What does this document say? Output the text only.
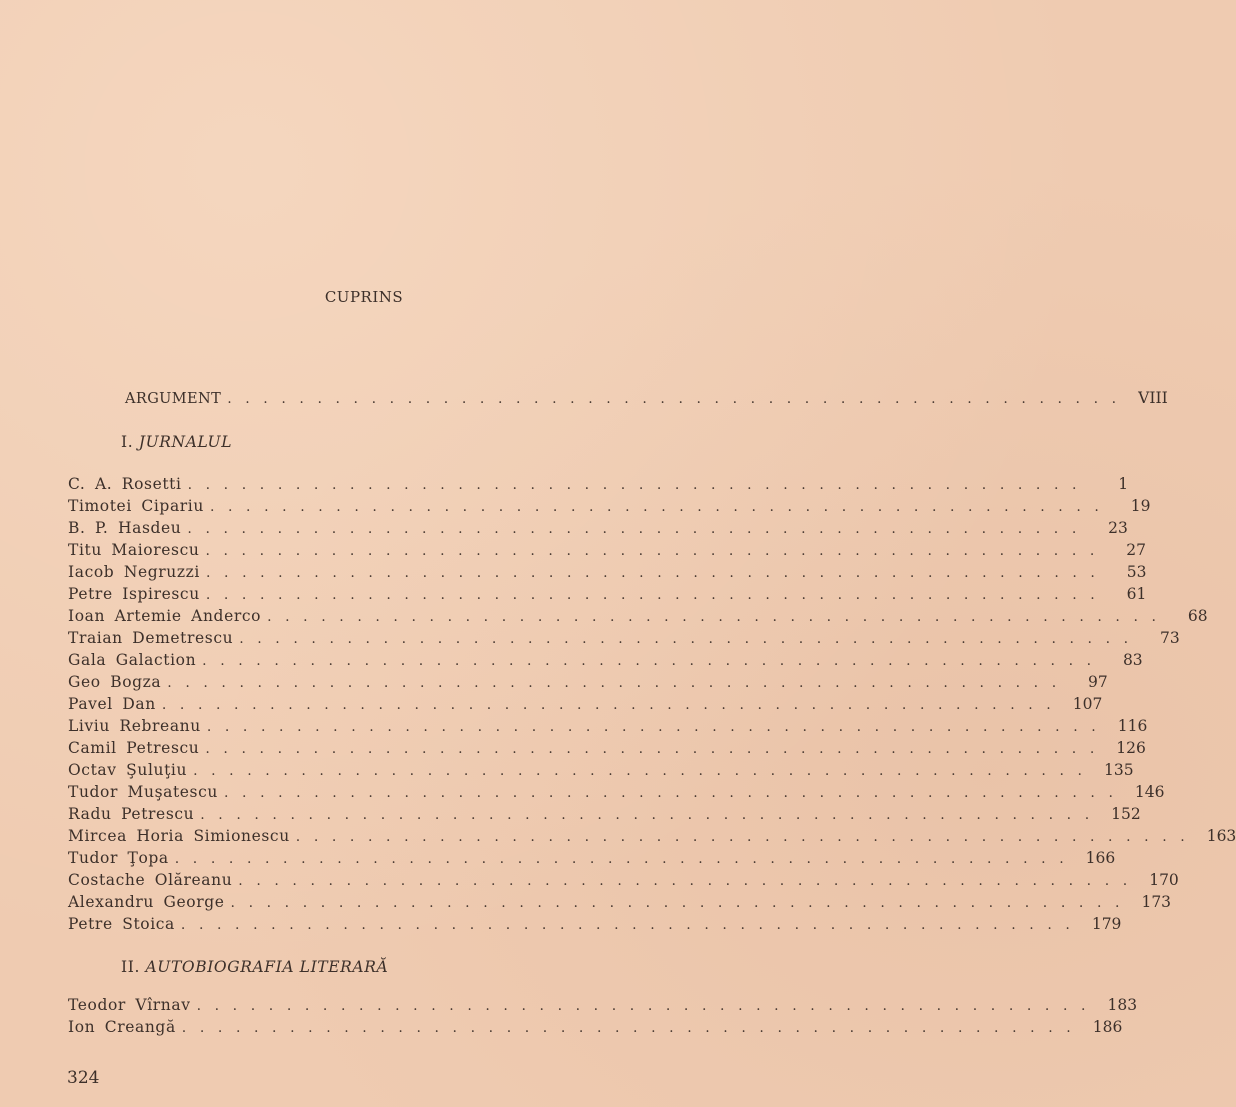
CUPRINS
ARGUMENT .................................................. VIII
I. JURNALUL
C. A. Rosetti ..................................................	1
Timotei Cipariu ..................................................	19
B. P. Hasdeu ..................................................	23
Titu Maiorescu ..................................................	27
Iacob Negruzzi ..................................................	53
Petre Ispirescu ..................................................	61
Ioan Artemie Anderco ..................................................	68
Traian Demetrescu ..................................................	73
Gala Galaction ..................................................	83
Geo Bogza ..................................................	97
Pavel Dan .................................................. 107
Liviu Rebreanu .................................................. 116
Camil Petrescu .................................................. 126
Octav Şuluţiu .................................................. 135
Tudor Muşatescu .................................................. 146
Radu Petrescu .................................................. 152
Mircea Horia Simionescu .................................................. 163
Tudor Ţopa .................................................. 166
Costache Olăreanu .................................................. 170
Alexandru George .................................................. 173
Petre Stoica .................................................. 179
II. AUTOBIOGRAFIA LITERARĂ
Teodor Vîrnav .................................................. 183
Ion Creangă .................................................. 186
324
